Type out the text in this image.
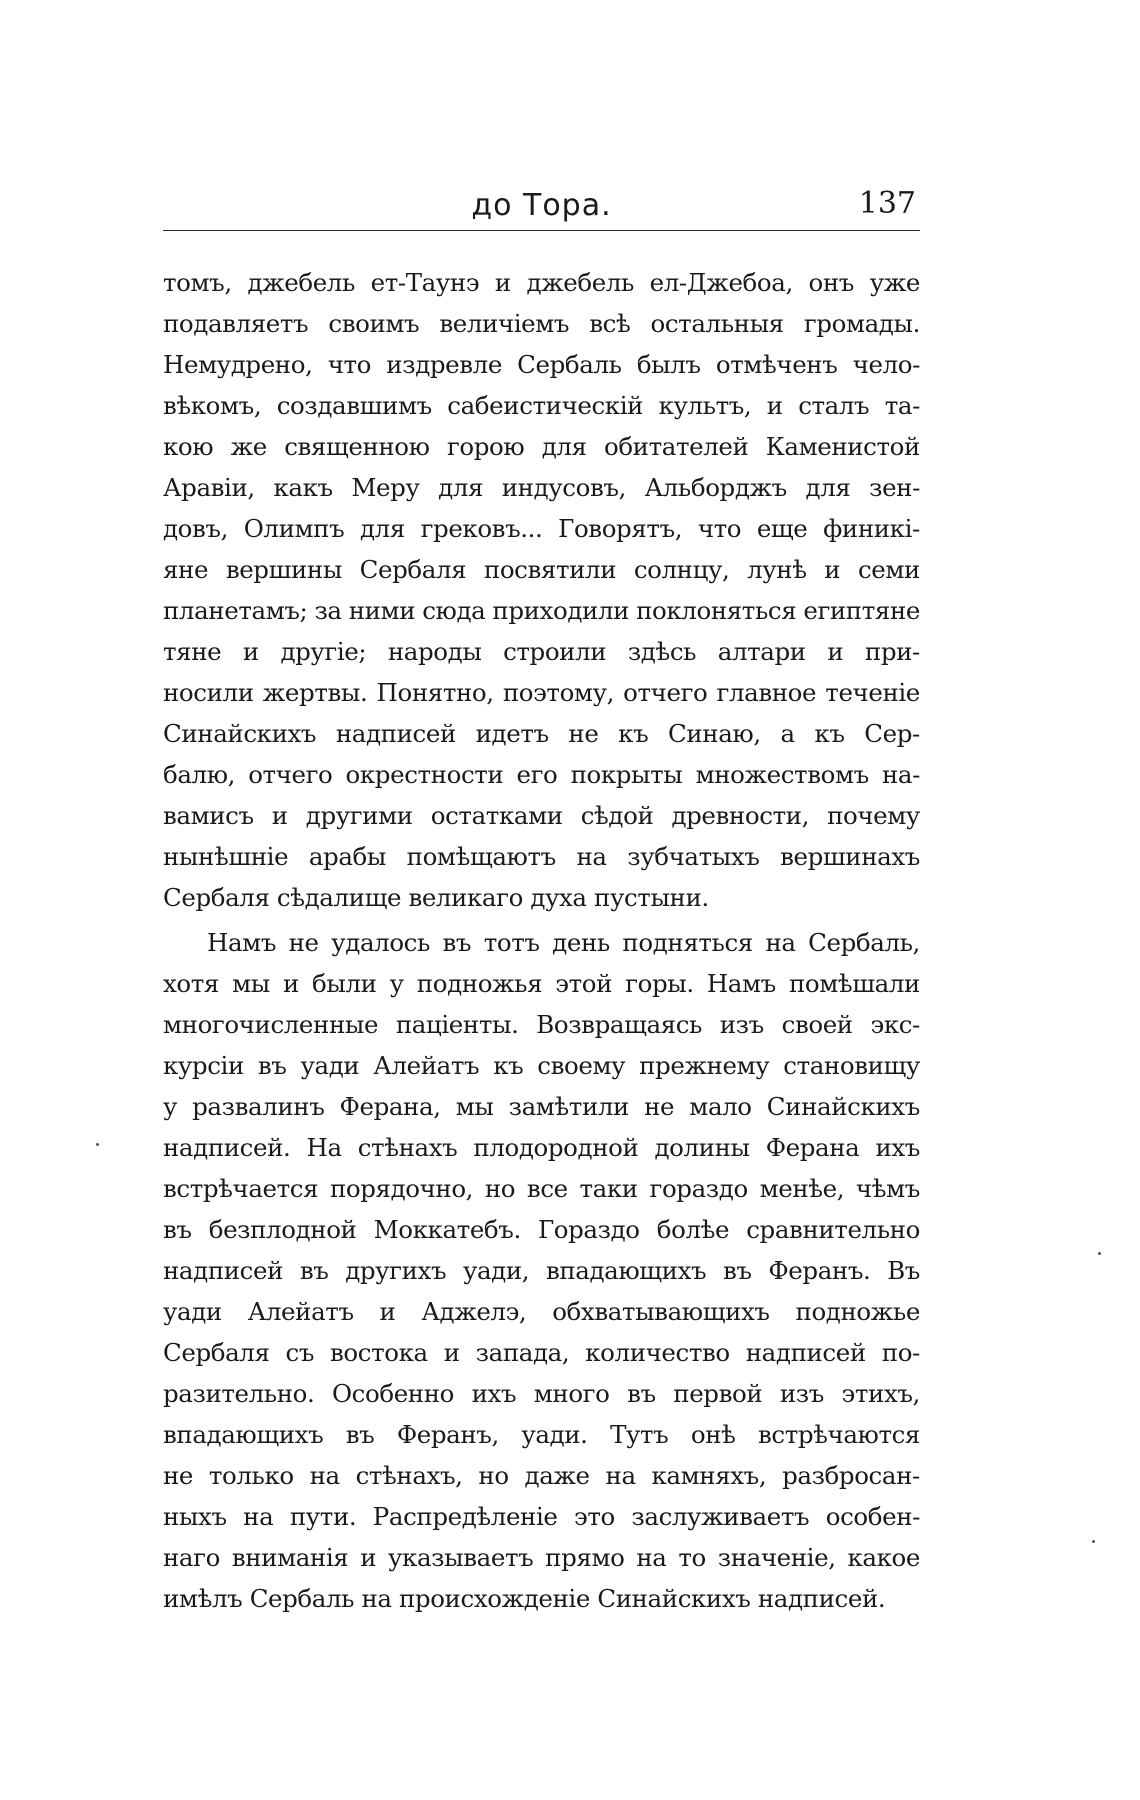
до Тора.	137
томъ, джебель ет-Таунэ и джебель ел-Джебоа, онъ уже
подавляетъ своимъ величіемъ всѣ остальныя громады.
Немудрено, что издревле Сербаль былъ отмѣченъ чело-
вѣкомъ, создавшимъ сабеистическій культъ, и сталъ та-
кою же священною горою для обитателей Каменистой
Аравіи, какъ Меру для индусовъ, Альборджъ для зен-
довъ, Олимпъ для грековъ... Говорятъ, что еще финикі-
яне вершины Сербаля посвятили солнцу, лунѣ и семи
планетамъ; за ними сюда приходили поклоняться египтяне
тяне и другіе; народы строили здѣсь алтари и при-
носили жертвы. Понятно, поэтому, отчего главное теченіе
Синайскихъ надписей идетъ не къ Синаю, а къ Сер-
балю, отчего окрестности его покрыты множествомъ на-
вамисъ и другими остатками сѣдой древности, почему
нынѣшніе арабы помѣщаютъ на зубчатыхъ вершинахъ
Сербаля сѣдалище великаго духа пустыни.
Намъ не удалось въ тотъ день подняться на Сербаль,
хотя мы и были у подножья этой горы. Намъ помѣшали
многочисленные паціенты. Возвращаясь изъ своей экс-
курсіи въ уади Алейатъ къ своему прежнему становищу
у развалинъ Ферана, мы замѣтили не мало Синайскихъ
надписей. На стѣнахъ плодородной долины Ферана ихъ
встрѣчается порядочно, но все таки гораздо менѣе, чѣмъ
въ безплодной Моккатебъ. Гораздо болѣе сравнительно
надписей въ другихъ уади, впадающихъ въ Феранъ. Въ
уади Алейатъ и Аджелэ, обхватывающихъ подножье
Сербаля съ востока и запада, количество надписей по-
разительно. Особенно ихъ много въ первой изъ этихъ,
впадающихъ въ Феранъ, уади. Тутъ онѣ встрѣчаются
не только на стѣнахъ, но даже на камняхъ, разбросан-
ныхъ на пути. Распредѣленіе это заслуживаетъ особен-
наго вниманія и указываетъ прямо на то значеніе, какое
имѣлъ Сербаль на происхожденіе Синайскихъ надписей.
